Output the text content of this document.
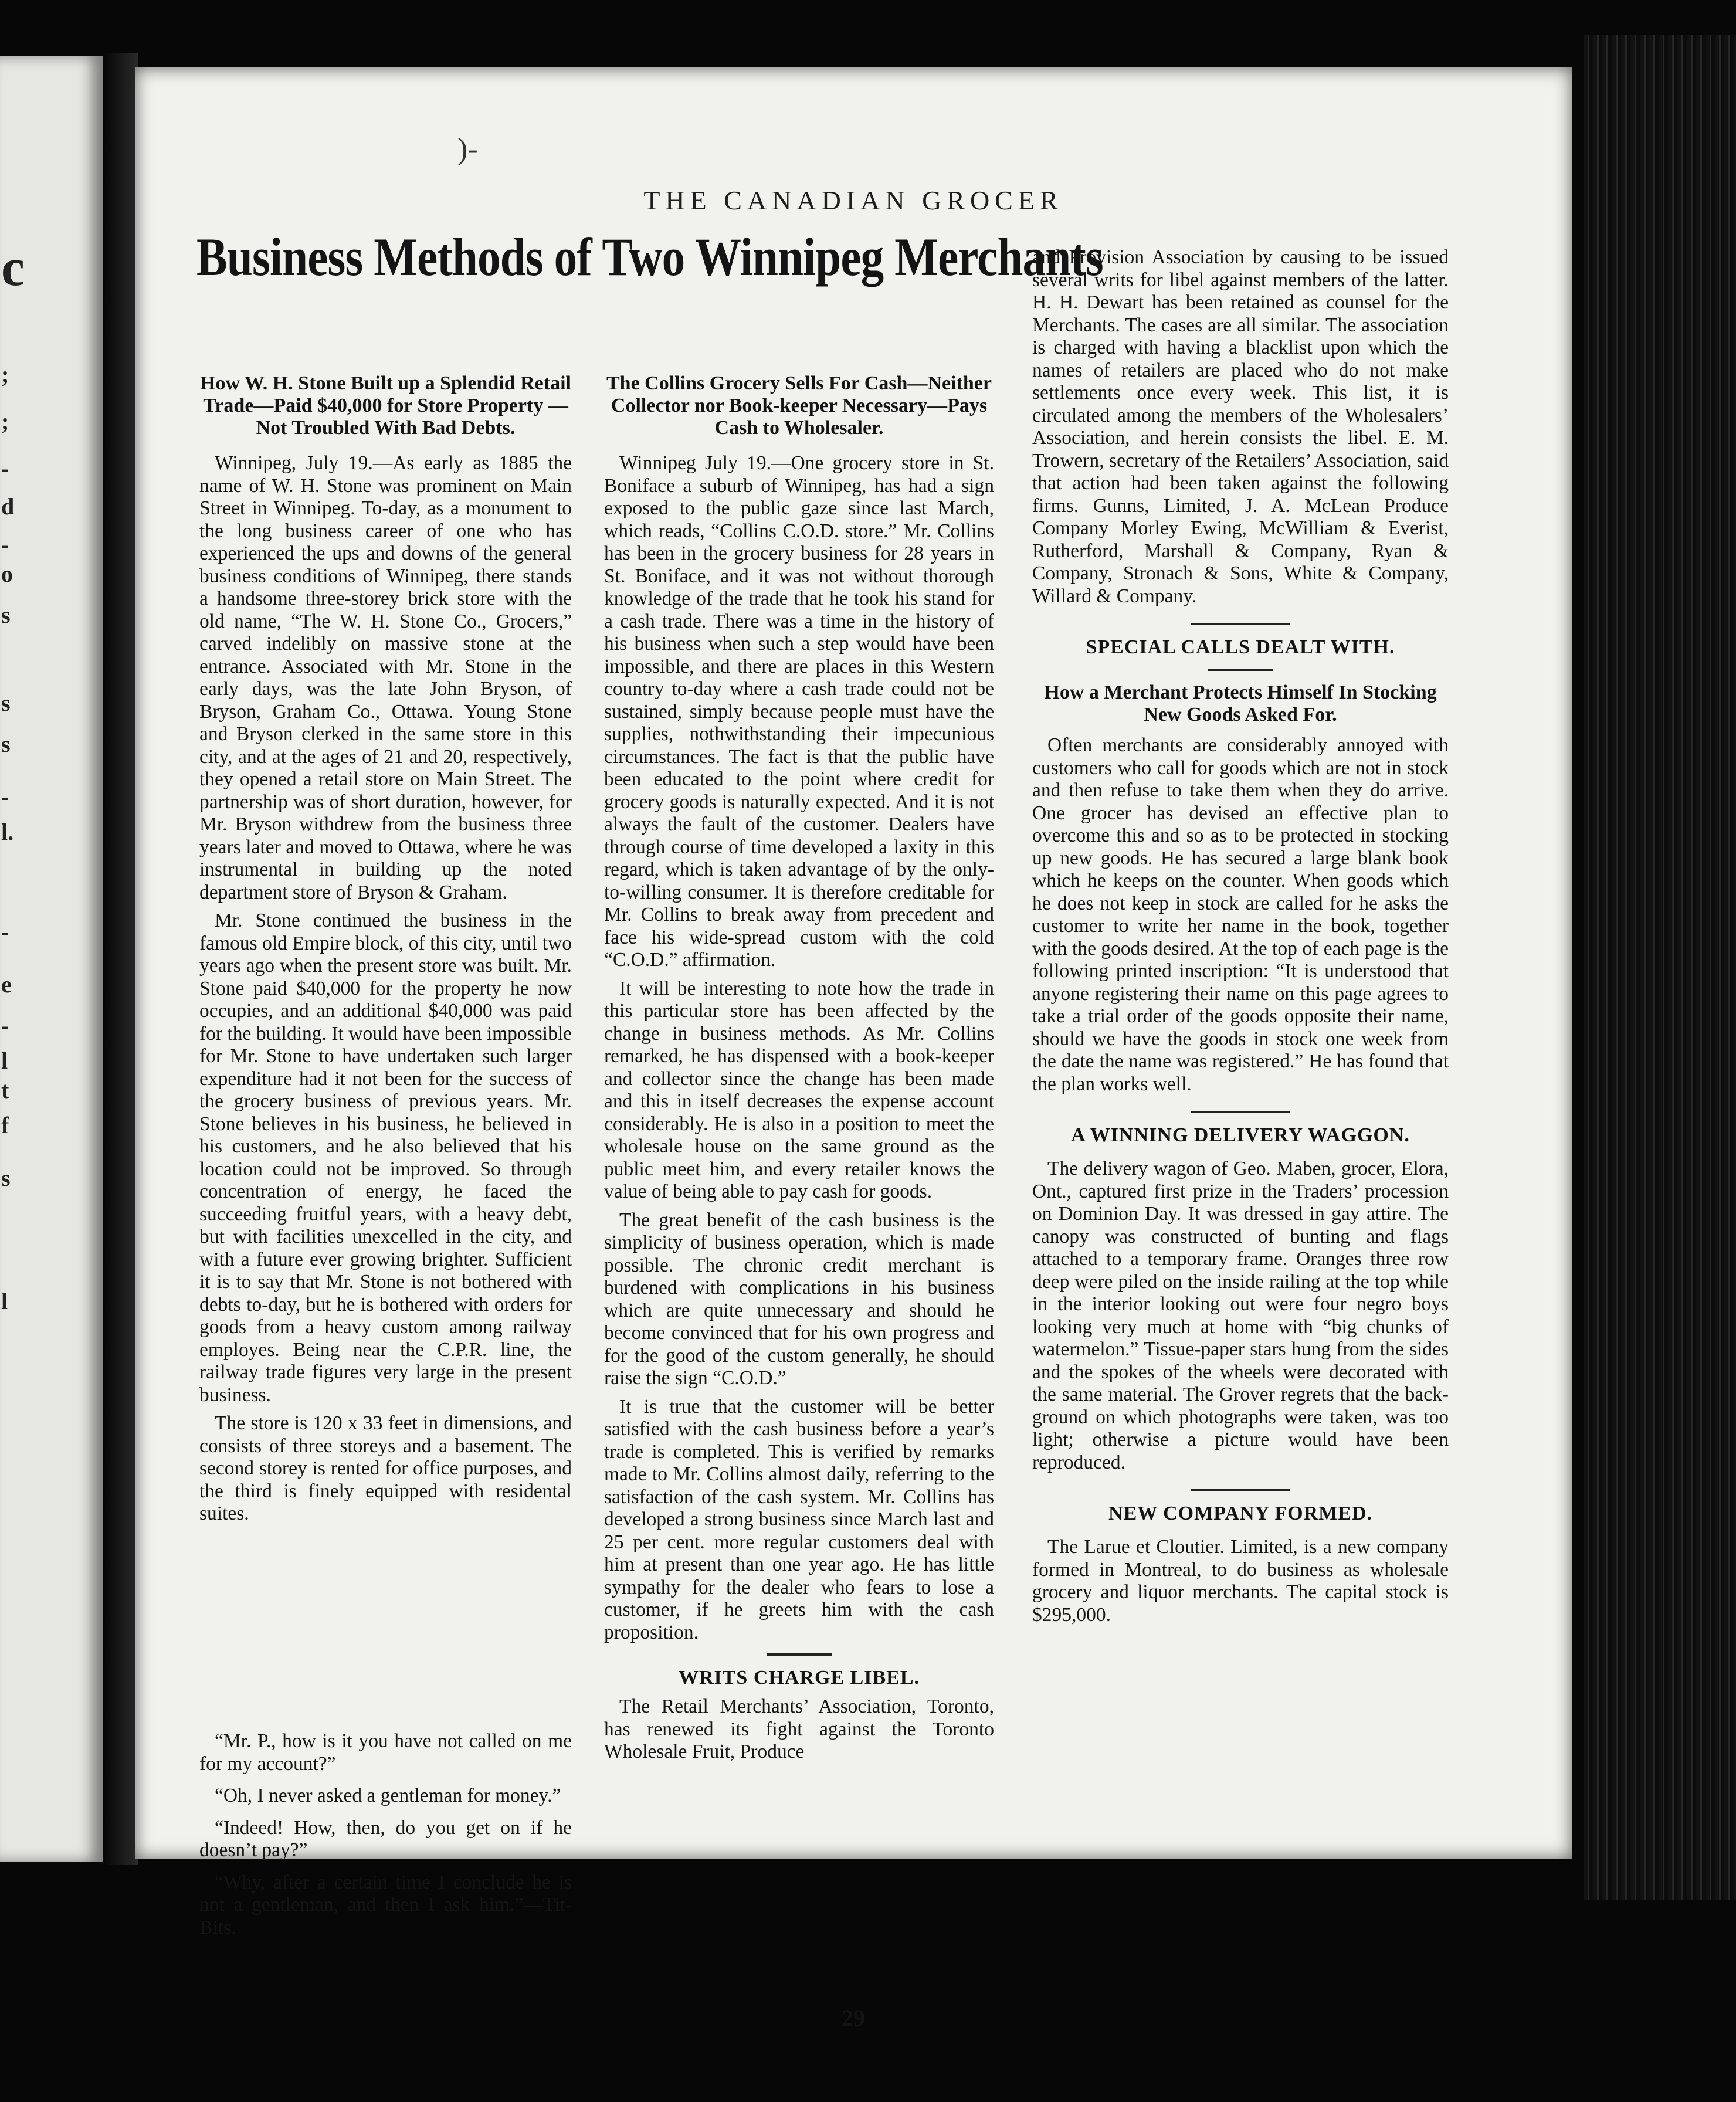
c
;
;
-
d
-
o
s
s
s
-
l.
-
e
-
l
t
f
s
l
)-
THE CANADIAN GROCER
Business Methods of Two Winnipeg Merchants
How W. H. Stone Built up a Splendid Retail Trade—Paid $40,000 for Store Property — Not Troubled With Bad Debts.

Winnipeg, July 19.—As early as 1885 the name of W. H. Stone was prominent on Main Street in Winnipeg. To-day, as a monument to the long business career of one who has experienced the ups and downs of the general business conditions of Winnipeg, there stands a handsome three-storey brick store with the old name, “The W. H. Stone Co., Grocers,” carved indelibly on massive stone at the entrance. Associated with Mr. Stone in the early days, was the late John Bryson, of Bryson, Graham Co., Ottawa. Young Stone and Bryson clerked in the same store in this city, and at the ages of 21 and 20, respectively, they opened a retail store on Main Street. The partnership was of short duration, however, for Mr. Bryson withdrew from the business three years later and moved to Ottawa, where he was instrumental in building up the noted department store of Bryson & Graham.

Mr. Stone continued the business in the famous old Empire block, of this city, until two years ago when the present store was built. Mr. Stone paid $40,000 for the property he now occupies, and an additional $40,000 was paid for the building. It would have been impossible for Mr. Stone to have undertaken such larger expenditure had it not been for the success of the grocery business of previous years. Mr. Stone believes in his business, he believed in his customers, and he also believed that his location could not be improved. So through concentration of energy, he faced the succeeding fruitful years, with a heavy debt, but with facilities unexcelled in the city, and with a future ever growing brighter. Sufficient it is to say that Mr. Stone is not bothered with debts to-day, but he is bothered with orders for goods from a heavy custom among railway employes. Being near the C.P.R. line, the railway trade figures very large in the present business.

The store is 120 x 33 feet in dimensions, and consists of three storeys and a basement. The second storey is rented for office purposes, and the third is finely equipped with residental suites.

“Mr. P., how is it you have not called on me for my account?”

“Oh, I never asked a gentleman for money.”

“Indeed! How, then, do you get on if he doesn’t pay?”

“Why, after a certain time I conclude he is not a gentleman, and then I ask him.”—Tit-Bits.

The Collins Grocery Sells For Cash—Neither Collector nor Book-keeper Necessary—Pays Cash to Wholesaler.

Winnipeg July 19.—One grocery store in St. Boniface a suburb of Winnipeg, has had a sign exposed to the public gaze since last March, which reads, “Collins C.O.D. store.” Mr. Collins has been in the grocery business for 28 years in St. Boniface, and it was not without thorough knowledge of the trade that he took his stand for a cash trade. There was a time in the history of his business when such a step would have been impossible, and there are places in this Western country to-day where a cash trade could not be sustained, simply because people must have the supplies, nothwithstanding their impecunious circumstances. The fact is that the public have been educated to the point where credit for grocery goods is naturally expected. And it is not always the fault of the customer. Dealers have through course of time developed a laxity in this regard, which is taken advantage of by the only-to-willing consumer. It is therefore creditable for Mr. Collins to break away from precedent and face his wide-spread custom with the cold “C.O.D.” affirmation.

It will be interesting to note how the trade in this particular store has been affected by the change in business methods. As Mr. Collins remarked, he has dispensed with a book-keeper and collector since the change has been made and this in itself decreases the expense account considerably. He is also in a position to meet the wholesale house on the same ground as the public meet him, and every retailer knows the value of being able to pay cash for goods.

The great benefit of the cash business is the simplicity of business operation, which is made possible. The chronic credit merchant is burdened with complications in his business which are quite unnecessary and should he become convinced that for his own progress and for the good of the custom generally, he should raise the sign “C.O.D.”

It is true that the customer will be better satisfied with the cash business before a year’s trade is completed. This is verified by remarks made to Mr. Collins almost daily, referring to the satisfaction of the cash system. Mr. Collins has developed a strong business since March last and 25 per cent. more regular customers deal with him at present than one year ago. He has little sympathy for the dealer who fears to lose a customer, if he greets him with the cash proposition.

WRITS CHARGE LIBEL.

The Retail Merchants’ Association, Toronto, has renewed its fight against the Toronto Wholesale Fruit, Produce

and Provision Association by causing to be issued several writs for libel against members of the latter. H. H. Dewart has been retained as counsel for the Merchants. The cases are all similar. The association is charged with having a blacklist upon which the names of retailers are placed who do not make settlements once every week. This list, it is circulated among the members of the Wholesalers’ Association, and herein consists the libel. E. M. Trowern, secretary of the Retailers’ Association, said that action had been taken against the following firms. Gunns, Limited, J. A. McLean Produce Company Morley Ewing, McWilliam & Everist, Rutherford, Marshall & Company, Ryan & Company, Stronach & Sons, White & Company, Willard & Company.

SPECIAL CALLS DEALT WITH.
How a Merchant Protects Himself In Stocking New Goods Asked For.

Often merchants are considerably annoyed with customers who call for goods which are not in stock and then refuse to take them when they do arrive. One grocer has devised an effective plan to overcome this and so as to be protected in stocking up new goods. He has secured a large blank book which he keeps on the counter. When goods which he does not keep in stock are called for he asks the customer to write her name in the book, together with the goods desired. At the top of each page is the following printed inscription: “It is understood that anyone registering their name on this page agrees to take a trial order of the goods opposite their name, should we have the goods in stock one week from the date the name was registered.” He has found that the plan works well.

A WINNING DELIVERY WAGGON.

The delivery wagon of Geo. Maben, grocer, Elora, Ont., captured first prize in the Traders’ procession on Dominion Day. It was dressed in gay attire. The canopy was constructed of bunting and flags attached to a temporary frame. Oranges three row deep were piled on the inside railing at the top while in the interior looking out were four negro boys looking very much at home with “big chunks of watermelon.” Tissue-paper stars hung from the sides and the spokes of the wheels were decorated with the same material. The Grover regrets that the back-ground on which photographs were taken, was too light; otherwise a picture would have been reproduced.

NEW COMPANY FORMED.

The Larue et Cloutier. Limited, is a new company formed in Montreal, to do business as wholesale grocery and liquor merchants. The capital stock is $295,000.

29
